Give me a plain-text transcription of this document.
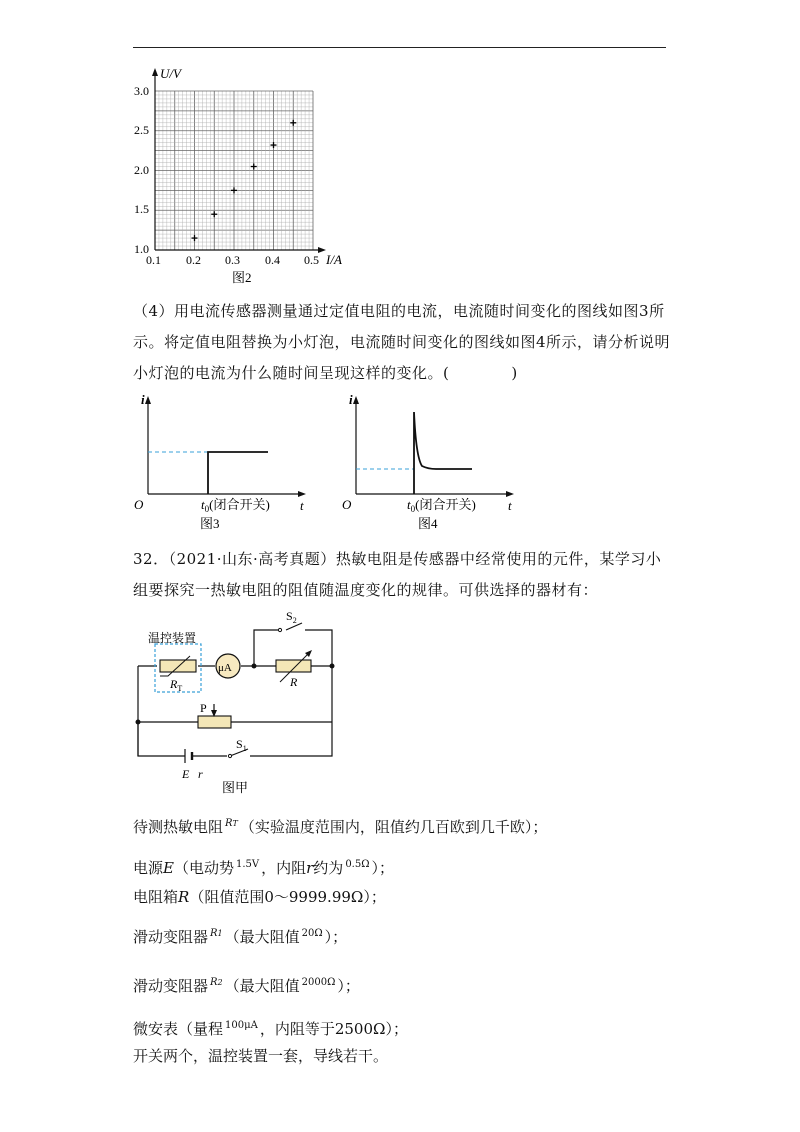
U/V
I/A
3.0
2.5
2.0
1.5
1.0
0.1 0.2 0.3 0.4 0.5
图2
（4）用电流传感器测量通过定值电阻的电流，电流随时间变化的图线如图3所示。将定值电阻替换为小灯泡，电流随时间变化的图线如图4所示，请分析说明小灯泡的电流为什么随时间呈现这样的变化。(	)
i
O	t
$t_0$(闭合开关)
图3
i
O	t
$t_0$(闭合开关)
图4
32．（2021·山东·高考真题）热敏电阻是传感器中经常使用的元件，某学习小组要探究一热敏电阻的阻值随温度变化的规律。可供选择的器材有：
μA
温控装置
$R_T$	R
$S_2$
P
$S_1$
E r
图甲
待测热敏电阻 $^{RT}$ （实验温度范围内，阻值约几百欧到几千欧）；
电源E（电动势 $^{1.5V}$ ，内阻r约为 $^{0.5\Omega}$ ）；
电阻箱R（阻值范围0～9999.99Ω）；
滑动变阻器 $^{R1}$ （最大阻值 $^{20\Omega}$ ）；
滑动变阻器 $^{R2}$ （最大阻值 $^{2000\Omega}$ ）；
微安表（量程 $^{100\mu A}$ ，内阻等于2500Ω）；
开关两个，温控装置一套，导线若干。
